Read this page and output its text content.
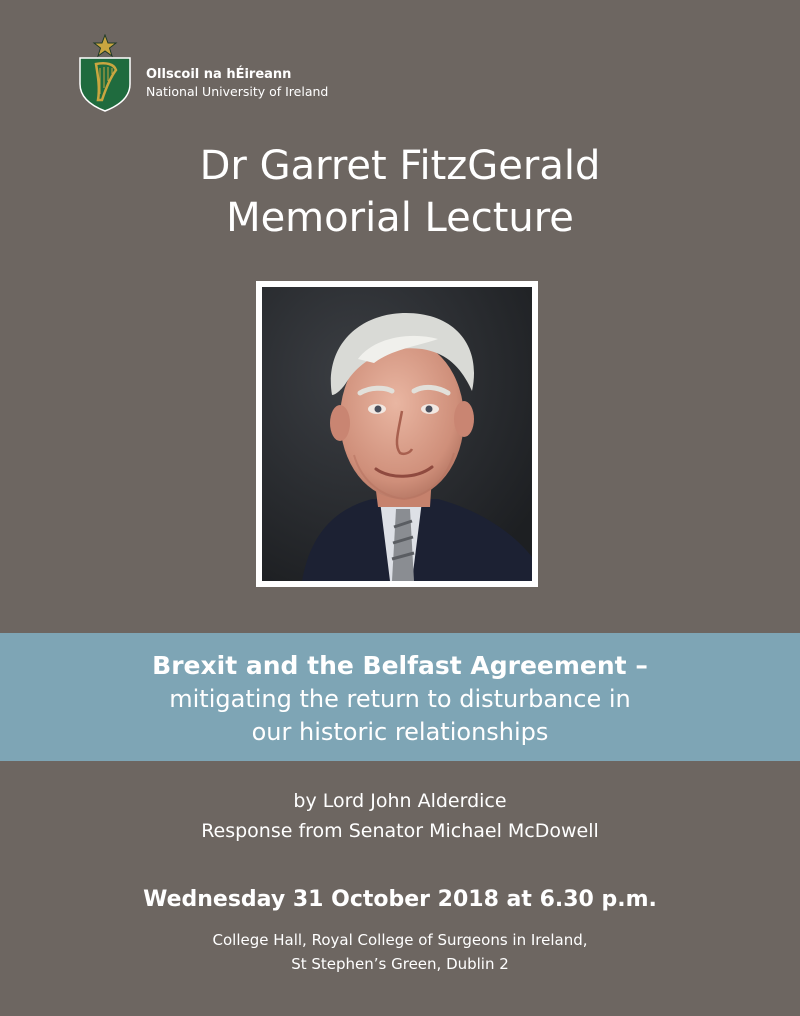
Ollscoil na hÉireann
National University of Ireland
Dr Garret FitzGerald
Memorial Lecture
Brexit and the Belfast Agreement –
mitigating the return to disturbance in
our historic relationships
by Lord John Alderdice
Response from Senator Michael McDowell
Wednesday 31 October 2018 at 6.30 p.m.
College Hall, Royal College of Surgeons in Ireland,
St Stephen’s Green, Dublin 2
